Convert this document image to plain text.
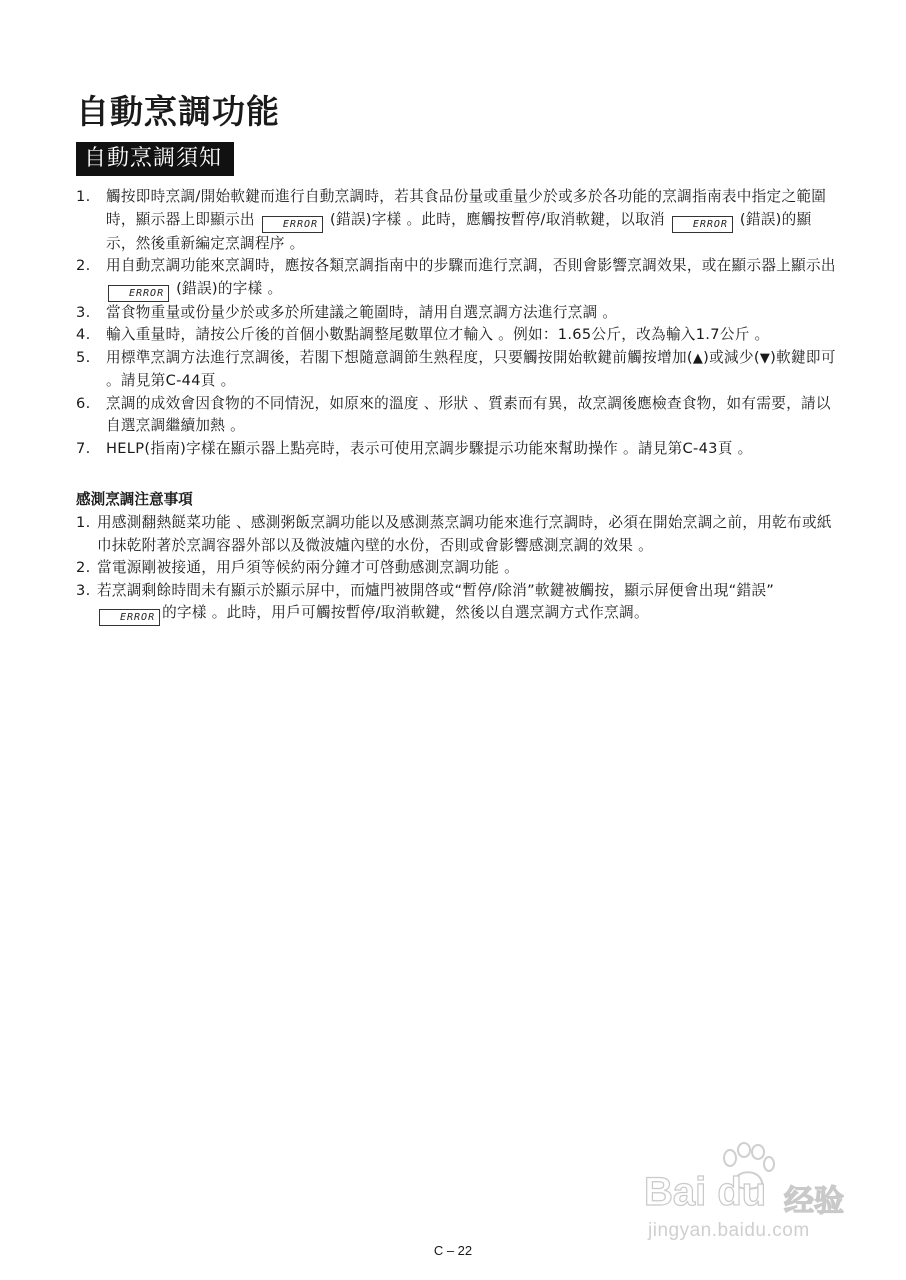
自動烹調功能
自動烹調須知
1. 觸按即時烹調/開始軟鍵而進行自動烹調時，若其食品份量或重量少於或多於各功能的烹調指南表中指定之範圍時，顯示器上即顯示出	ERROR (錯誤)字樣 。此時，應觸按暫停/取消軟鍵，以取消	ERROR (錯誤)的顯示，然後重新編定烹調程序 。
2. 用自動烹調功能來烹調時，應按各類烹調指南中的步驟而進行烹調，否則會影響烹調效果，或在顯示器上顯示出 ERROR (錯誤)的字樣 。
3. 當食物重量或份量少於或多於所建議之範圍時，請用自選烹調方法進行烹調 。
4. 輸入重量時，請按公斤後的首個小數點調整尾數單位才輸入 。例如：1.65公斤，改為輸入1.7公斤 。
5. 用標準烹調方法進行烹調後，若閣下想隨意調節生熟程度，只要觸按開始軟鍵前觸按增加(▲)或減少(▼)軟鍵即可 。請見第C-44頁 。
6. 烹調的成效會因食物的不同情況，如原來的溫度 、形狀 、質素而有異，故烹調後應檢查食物，如有需要，請以自選烹調繼續加熱 。
7. HELP(指南)字樣在顯示器上點亮時，表示可使用烹調步驟提示功能來幫助操作 。請見第C-43頁 。
感測烹調注意事項
1. 用感測翻熱餸菜功能 、感測粥飯烹調功能以及感測蒸烹調功能來進行烹調時，必須在開始烹調之前，用乾布或紙巾抹乾附著於烹調容器外部以及微波爐內壁的水份，否則或會影響感測烹調的效果 。
2. 當電源剛被接通，用戶須等候約兩分鐘才可啓動感測烹調功能 。
3. 若烹調剩餘時間未有顯示於顯示屏中，而爐門被開啓或“暫停/除消”軟鍵被觸按，顯示屏便會出現“錯誤” ERROR 的字樣 。此時，用戶可觸按暫停/取消軟鍵，然後以自選烹調方式作烹調。
Bai du 经验
jingyan.baidu.com
C – 22
